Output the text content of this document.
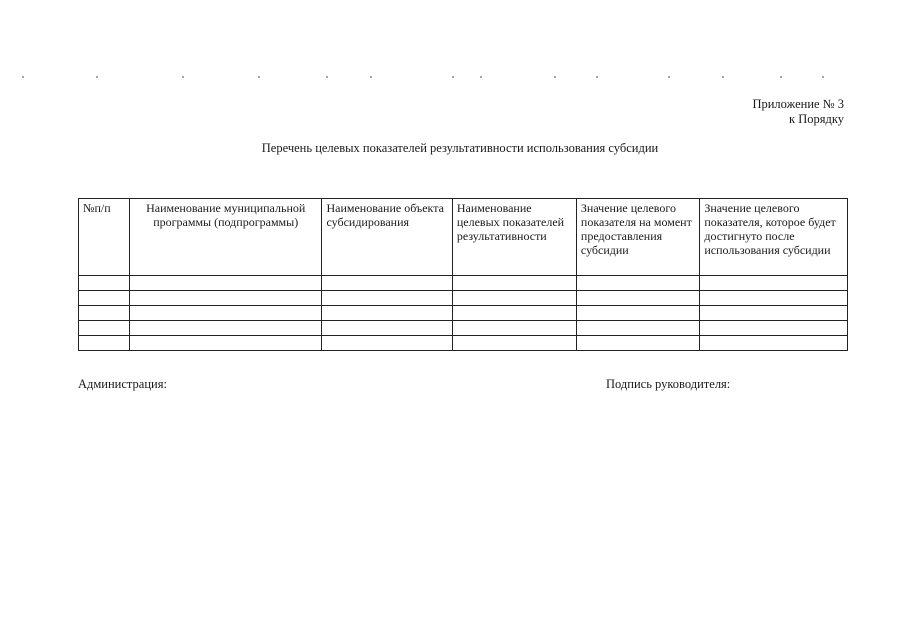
Приложение № 3
к Порядку
Перечень целевых показателей результативности использования субсидии
№п/п	Наименование муниципальной программы (подпрограммы)	Наименование объекта субсидирования	Наименование целевых показателей результативности	Значение целевого показателя на момент предоставления субсидии	Значение целевого показателя, которое будет достигнуто после использования субсидии

Администрация:	Подпись руководителя:
